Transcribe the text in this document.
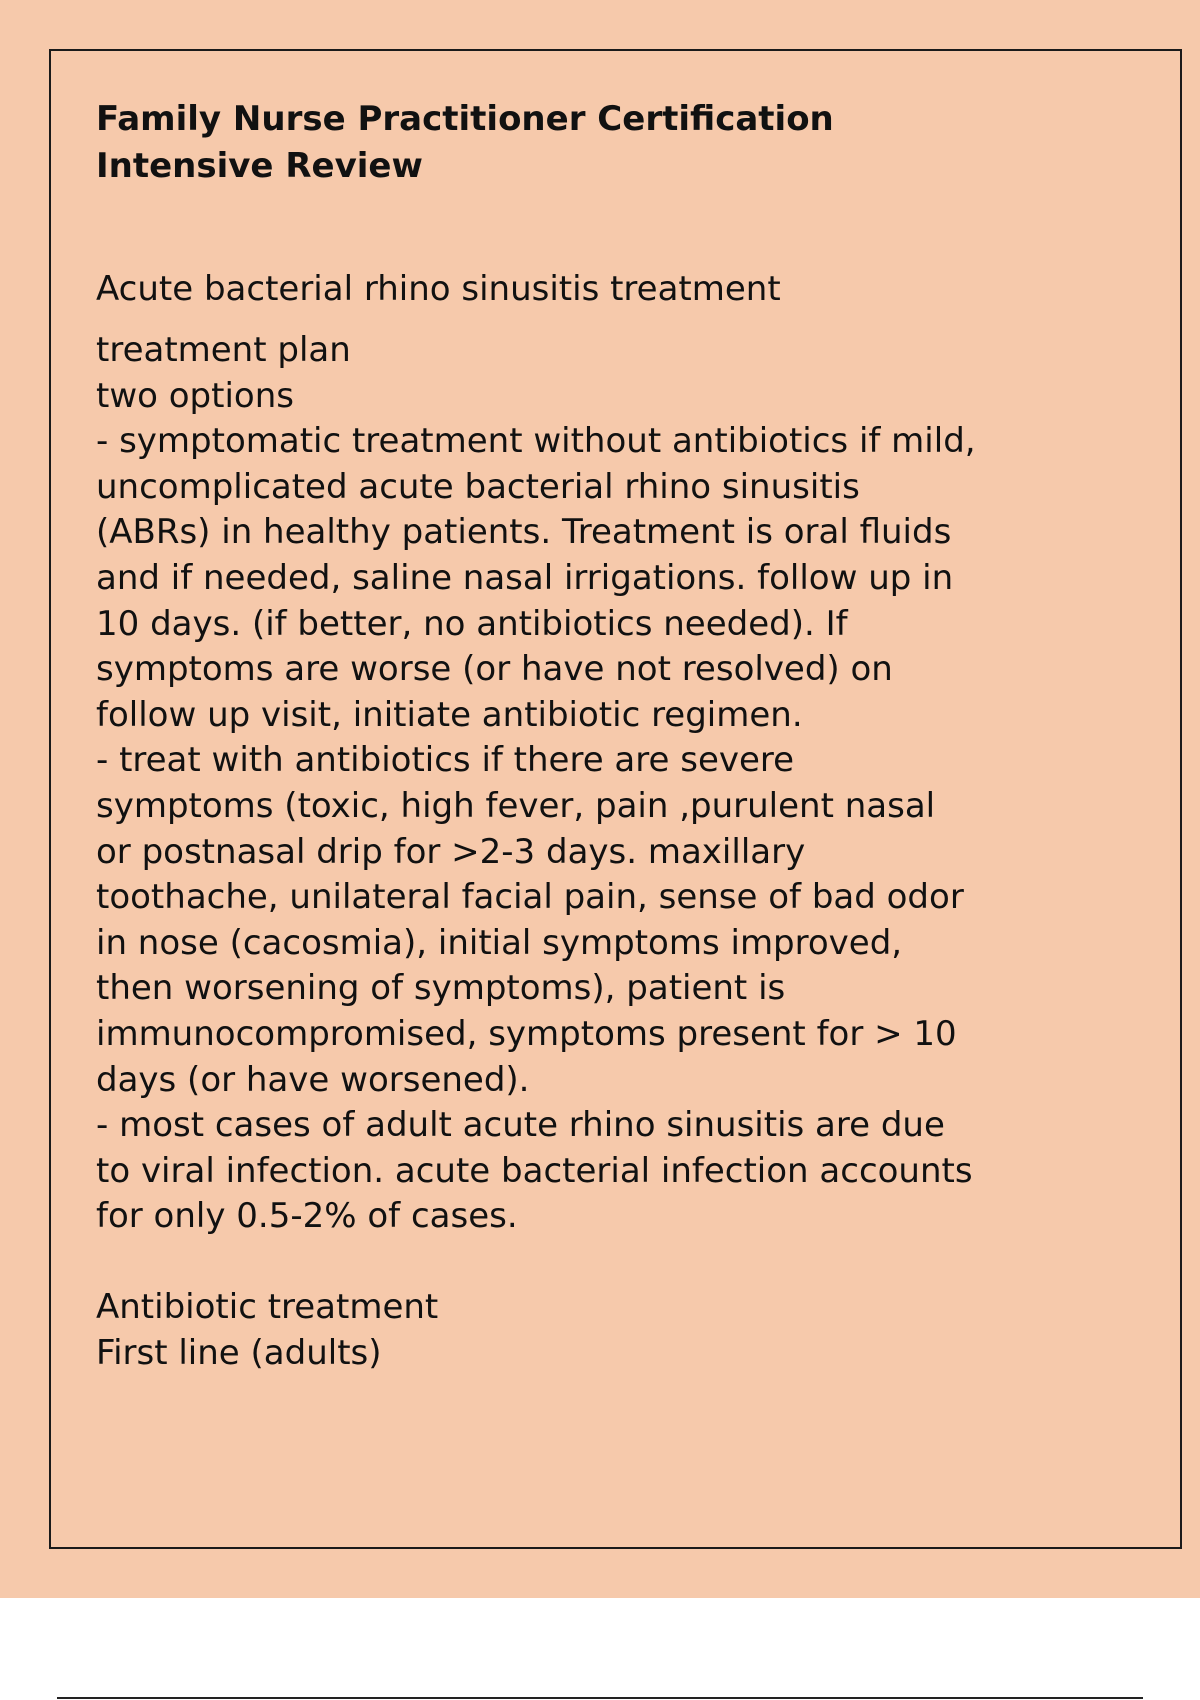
Family Nurse Practitioner Certification
Intensive Review
Acute bacterial rhino sinusitis treatment
treatment plan
two options
- symptomatic treatment without antibiotics if mild,
uncomplicated acute bacterial rhino sinusitis
(ABRs) in healthy patients. Treatment is oral fluids
and if needed, saline nasal irrigations. follow up in
10 days. (if better, no antibiotics needed). If
symptoms are worse (or have not resolved) on
follow up visit, initiate antibiotic regimen.
- treat with antibiotics if there are severe
symptoms (toxic, high fever, pain ,purulent nasal
or postnasal drip for >2-3 days. maxillary
toothache, unilateral facial pain, sense of bad odor
in nose (cacosmia), initial symptoms improved,
then worsening of symptoms), patient is
immunocompromised, symptoms present for > 10
days (or have worsened).
- most cases of adult acute rhino sinusitis are due
to viral infection. acute bacterial infection accounts
for only 0.5-2% of cases.
Antibiotic treatment
First line (adults)
